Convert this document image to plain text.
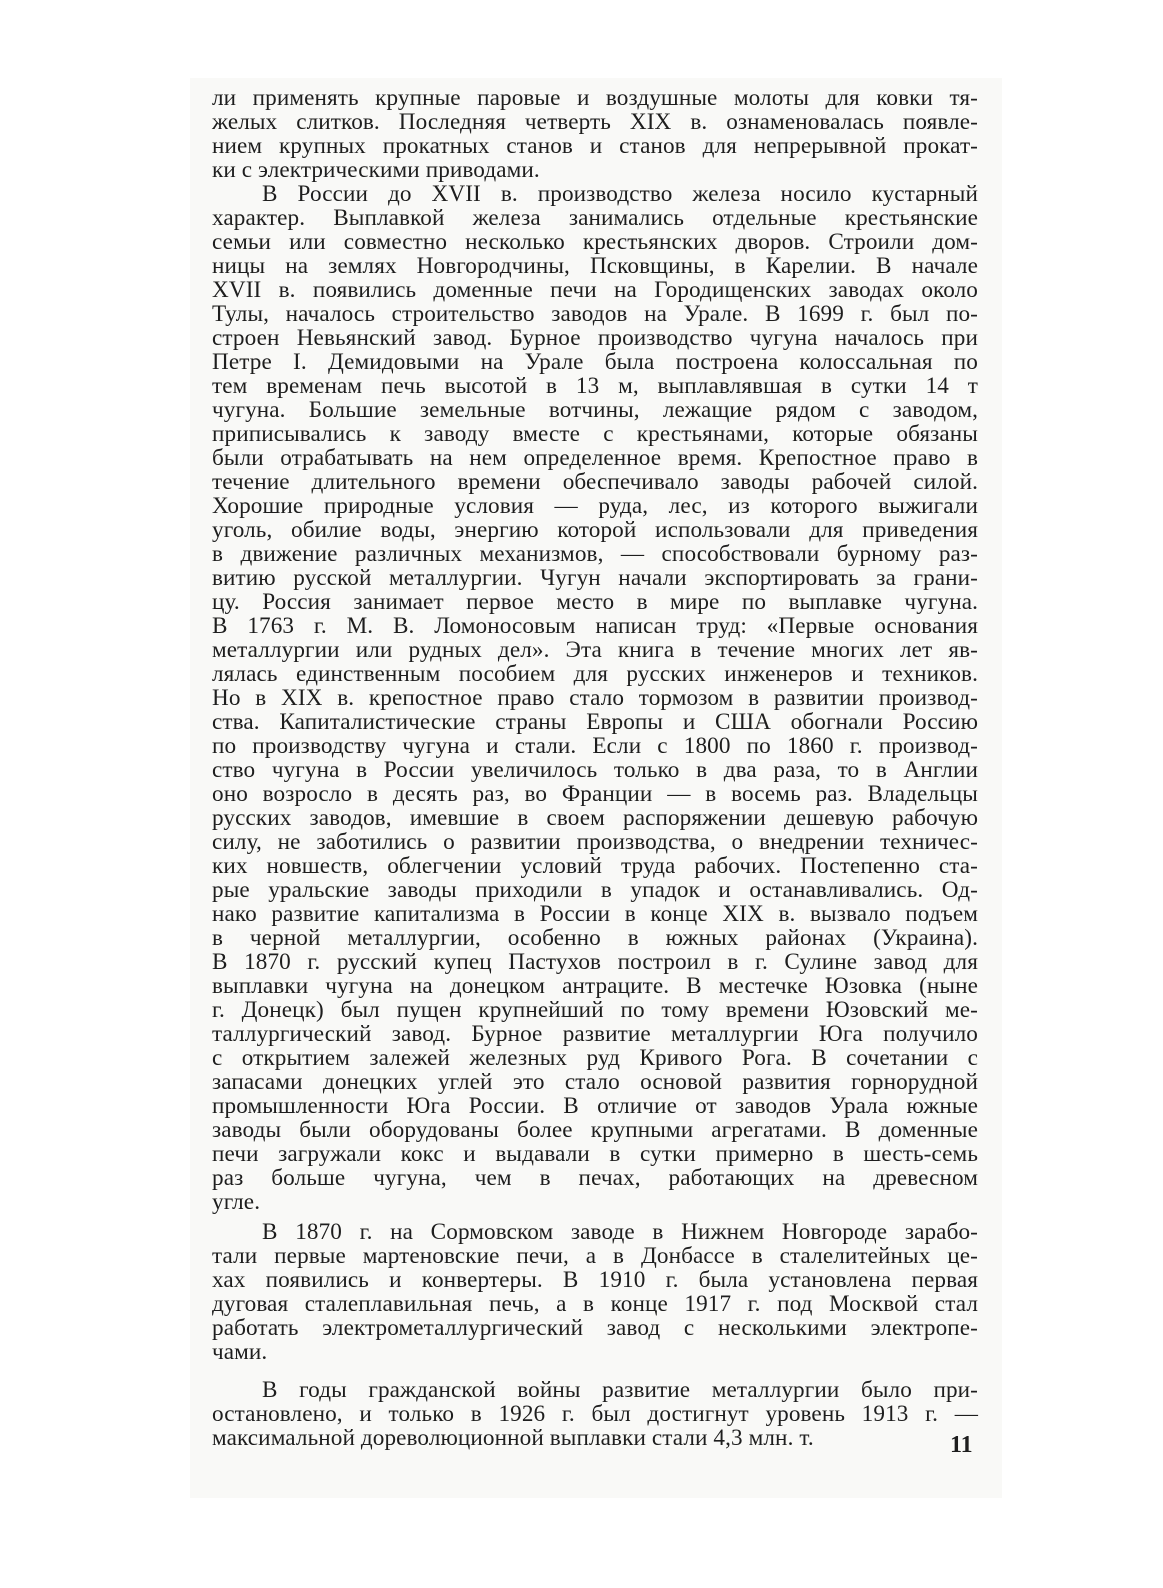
ли применять крупные паровые и воздушные молоты для ковки тя-
желых слитков. Последняя четверть XIX в. ознаменовалась появле-
нием крупных прокатных станов и станов для непрерывной прокат-
ки с электрическими приводами.
В России до XVII в. производство железа носило кустарный
характер. Выплавкой железа занимались отдельные крестьянские
семьи или совместно несколько крестьянских дворов. Строили дом-
ницы на землях Новгородчины, Псковщины, в Карелии. В начале
XVII в. появились доменные печи на Городищенских заводах около
Тулы, началось строительство заводов на Урале. В 1699 г. был по-
строен Невьянский завод. Бурное производство чугуна началось при
Петре I. Демидовыми на Урале была построена колоссальная по
тем временам печь высотой в 13 м, выплавлявшая в сутки 14 т
чугуна. Большие земельные вотчины, лежащие рядом с заводом,
приписывались к заводу вместе с крестьянами, которые обязаны
были отрабатывать на нем определенное время. Крепостное право в
течение длительного времени обеспечивало заводы рабочей силой.
Хорошие природные условия — руда, лес, из которого выжигали
уголь, обилие воды, энергию которой использовали для приведения
в движение различных механизмов, — способствовали бурному раз-
витию русской металлургии. Чугун начали экспортировать за грани-
цу. Россия занимает первое место в мире по выплавке чугуна.
В 1763 г. М. В. Ломоносовым написан труд: «Первые основания
металлургии или рудных дел». Эта книга в течение многих лет яв-
лялась единственным пособием для русских инженеров и техников.
Но в XIX в. крепостное право стало тормозом в развитии производ-
ства. Капиталистические страны Европы и США обогнали Россию
по производству чугуна и стали. Если с 1800 по 1860 г. производ-
ство чугуна в России увеличилось только в два раза, то в Англии
оно возросло в десять раз, во Франции — в восемь раз. Владельцы
русских заводов, имевшие в своем распоряжении дешевую рабочую
силу, не заботились о развитии производства, о внедрении техничес-
ких новшеств, облегчении условий труда рабочих. Постепенно ста-
рые уральские заводы приходили в упадок и останавливались. Од-
нако развитие капитализма в России в конце XIX в. вызвало подъем
в черной металлургии, особенно в южных районах (Украина).
В 1870 г. русский купец Пастухов построил в г. Сулине завод для
выплавки чугуна на донецком антраците. В местечке Юзовка (ныне
г. Донецк) был пущен крупнейший по тому времени Юзовский ме-
таллургический завод. Бурное развитие металлургии Юга получило
с открытием залежей железных руд Кривого Рога. В сочетании с
запасами донецких углей это стало основой развития горнорудной
промышленности Юга России. В отличие от заводов Урала южные
заводы были оборудованы более крупными агрегатами. В доменные
печи загружали кокс и выдавали в сутки примерно в шесть-семь
раз больше чугуна, чем в печах, работающих на древесном
угле.
В 1870 г. на Сормовском заводе в Нижнем Новгороде зарабо-
тали первые мартеновские печи, а в Донбассе в сталелитейных це-
хах появились и конвертеры. В 1910 г. была установлена первая
дуговая сталеплавильная печь, а в конце 1917 г. под Москвой стал
работать электрометаллургический завод с несколькими электропе-
чами.
В годы гражданской войны развитие металлургии было при-
остановлено, и только в 1926 г. был достигнут уровень 1913 г. —
максимальной дореволюционной выплавки стали 4,3 млн. т.	11
